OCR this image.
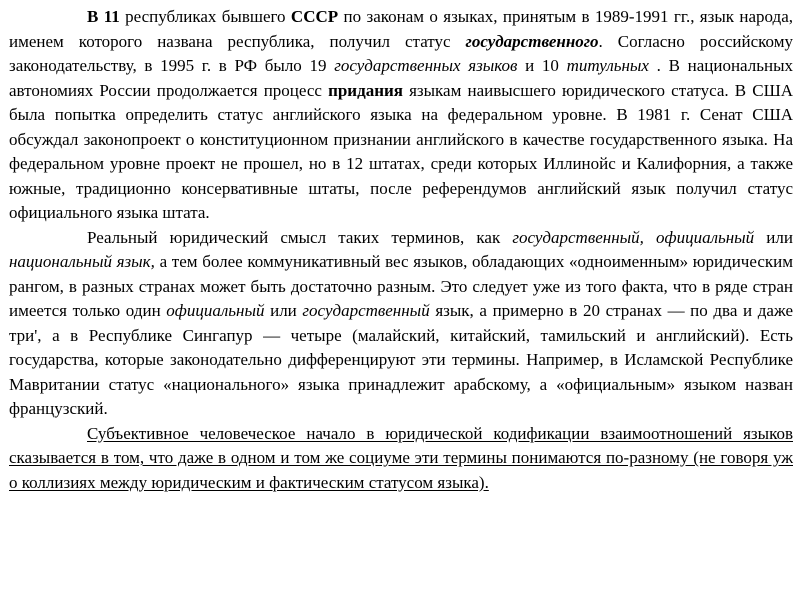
В 11 республиках бывшего СССР по законам о языках, принятым в 1989-1991 гг., язык народа, именем которого названа республика, получил статус государственного. Согласно российскому законодательству, в 1995 г. в РФ было 19 государственных языков и 10 титульных . В национальных автономиях России продолжается процесс придания языкам наивысшего юридического статуса. В США была попытка определить статус английского языка на федеральном уровне. В 1981 г. Сенат США обсуждал законопроект о конституционном признании английского в качестве государственного языка. На федеральном уровне проект не прошел, но в 12 штатах, среди которых Иллинойс и Калифорния, а также южные, традиционно консервативные штаты, после референдумов английский язык получил статус официального языка штата.

Реальный юридический смысл таких терминов, как государственный, официальный или национальный язык, а тем более коммуникативный вес языков, обладающих «одноименным» юридическим рангом, в разных странах может быть достаточно разным. Это следует уже из того факта, что в ряде стран имеется только один официальный или государственный язык, а примерно в 20 странах — по два и даже три', а в Республике Сингапур — четыре (малайский, китайский, тамильский и английский). Есть государства, которые законодательно дифференцируют эти термины. Например, в Исламской Республике Мавритании статус «национального» языка принадлежит арабскому, а «официальным» языком назван французский.

Субъективное человеческое начало в юридической кодификации взаимоотношений языков сказывается в том, что даже в одном и том же социуме эти термины понимаются по-разному (не говоря уж о коллизиях между юридическим и фактическим статусом языка).
